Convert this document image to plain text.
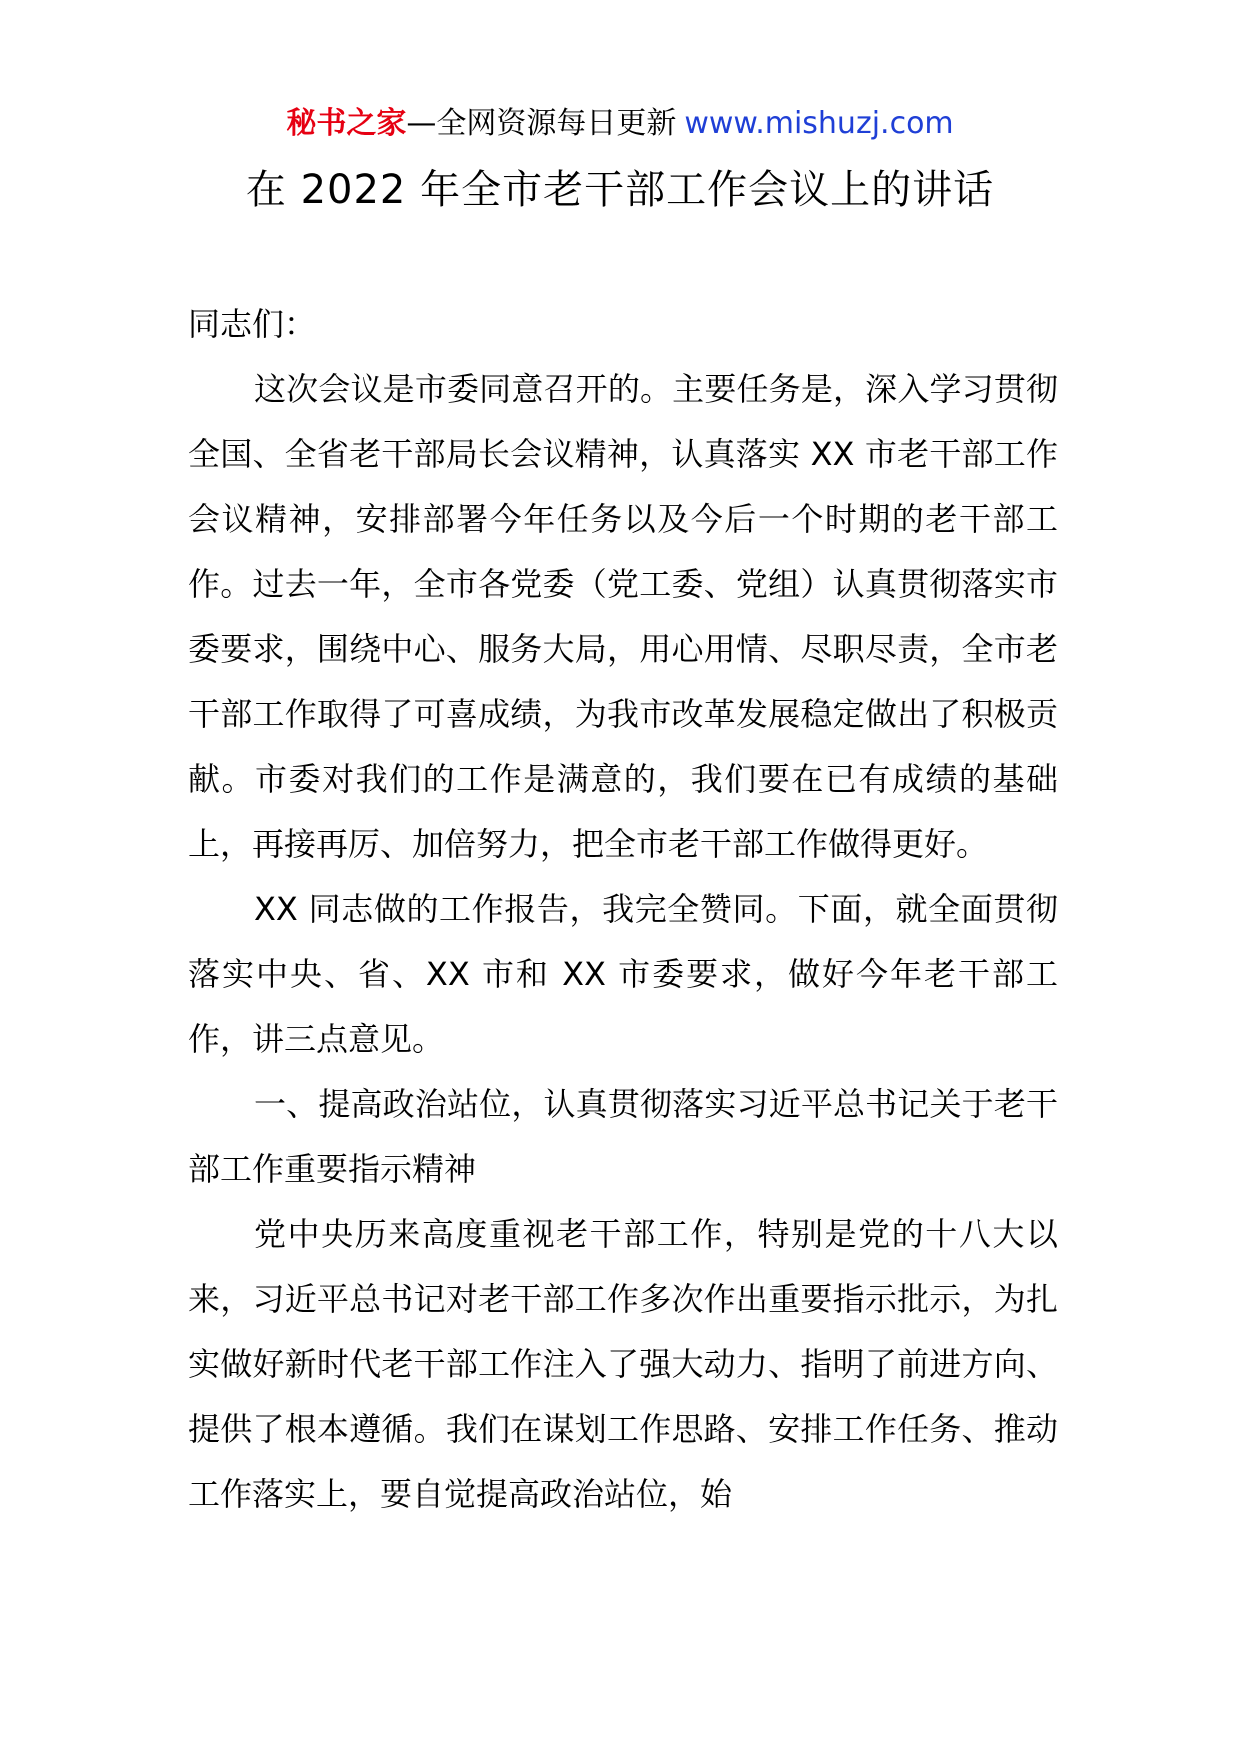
秘书之家—全网资源每日更新 www.mishuzj.com
在 2022 年全市老干部工作会议上的讲话

同志们：

这次会议是市委同意召开的。主要任务是，深入学习贯彻全国、全省老干部局长会议精神，认真落实 XX 市老干部工作会议精神，安排部署今年任务以及今后一个时期的老干部工作。过去一年，全市各党委（党工委、党组）认真贯彻落实市委要求，围绕中心、服务大局，用心用情、尽职尽责，全市老干部工作取得了可喜成绩，为我市改革发展稳定做出了积极贡献。市委对我们的工作是满意的，我们要在已有成绩的基础上，再接再厉、加倍努力，把全市老干部工作做得更好。

XX 同志做的工作报告，我完全赞同。下面，就全面贯彻落实中央、省、XX 市和 XX 市委要求，做好今年老干部工作，讲三点意见。

一、提高政治站位，认真贯彻落实习近平总书记关于老干部工作重要指示精神

党中央历来高度重视老干部工作，特别是党的十八大以来，习近平总书记对老干部工作多次作出重要指示批示，为扎实做好新时代老干部工作注入了强大动力、指明了前进方向、提供了根本遵循。我们在谋划工作思路、安排工作任务、推动工作落实上，要自觉提高政治站位，始
